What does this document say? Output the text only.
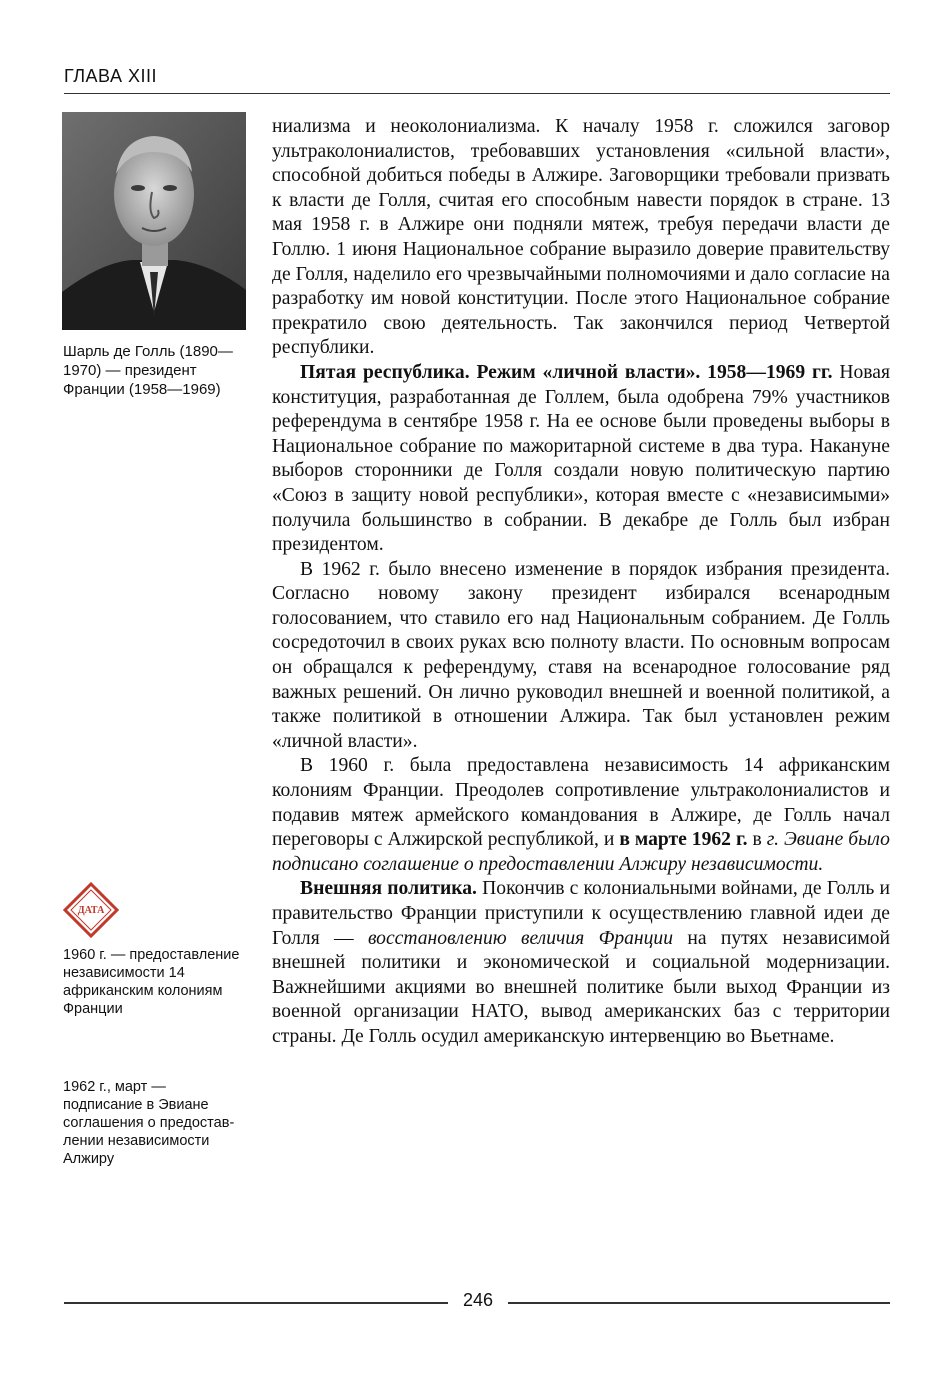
ГЛАВА XIII
Шарль де Голль (1890—1970) — президент Франции (1958—1969)
ДАТА
1960 г. — предоставление независимости 14 африканским колониям Франции
1962 г., март — подписание в Эвиане соглашения о предоставлении независимости Алжиру

ниализма и неоколониализма. К началу 1958 г. сложился заговор ультраколониалистов, требовавших установления «сильной власти», способной добиться победы в Алжире. Заговорщики требовали призвать к власти де Голля, считая его способным навести порядок в стране. 13 мая 1958 г. в Алжире они подняли мятеж, требуя передачи власти де Голлю. 1 июня Национальное собрание выразило доверие правительству де Голля, наделило его чрезвычайными полномочиями и дало согласие на разработку им новой конституции. После этого Национальное собрание прекратило свою деятельность. Так закончился период Четвертой республики.

Пятая республика. Режим «личной власти». 1958—1969 гг. Новая конституция, разработанная де Голлем, была одобрена 79% участников референдума в сентябре 1958 г. На ее основе были проведены выборы в Национальное собрание по мажоритарной системе в два тура. Накануне выборов сторонники де Голля создали новую политическую партию «Союз в защиту новой республики», которая вместе с «независимыми» получила большинство в собрании. В декабре де Голль был избран президентом.

В 1962 г. было внесено изменение в порядок избрания президента. Согласно новому закону президент избирался всенародным голосованием, что ставило его над Национальным собранием. Де Голль сосредоточил в своих руках всю полноту власти. По основным вопросам он обращался к референдуму, ставя на всенародное голосование ряд важных решений. Он лично руководил внешней и военной политикой, а также политикой в отношении Алжира. Так был установлен режим «личной власти».

В 1960 г. была предоставлена независимость 14 африканским колониям Франции. Преодолев сопротивление ультраколониалистов и подавив мятеж армейского командования в Алжире, де Голль начал переговоры с Алжирской республикой, и в марте 1962 г. в г. Эвиане было подписано соглашение о предоставлении Алжиру независимости.

Внешняя политика. Покончив с колониальными войнами, де Голль и правительство Франции приступили к осуществлению главной идеи де Голля — восстановлению величия Франции на путях независимой внешней политики и экономической и социальной модернизации. Важнейшими акциями во внешней политике были выход Франции из военной организации НАТО, вывод американских баз с территории страны. Де Голль осудил американскую интервенцию во Вьетнаме.

246
